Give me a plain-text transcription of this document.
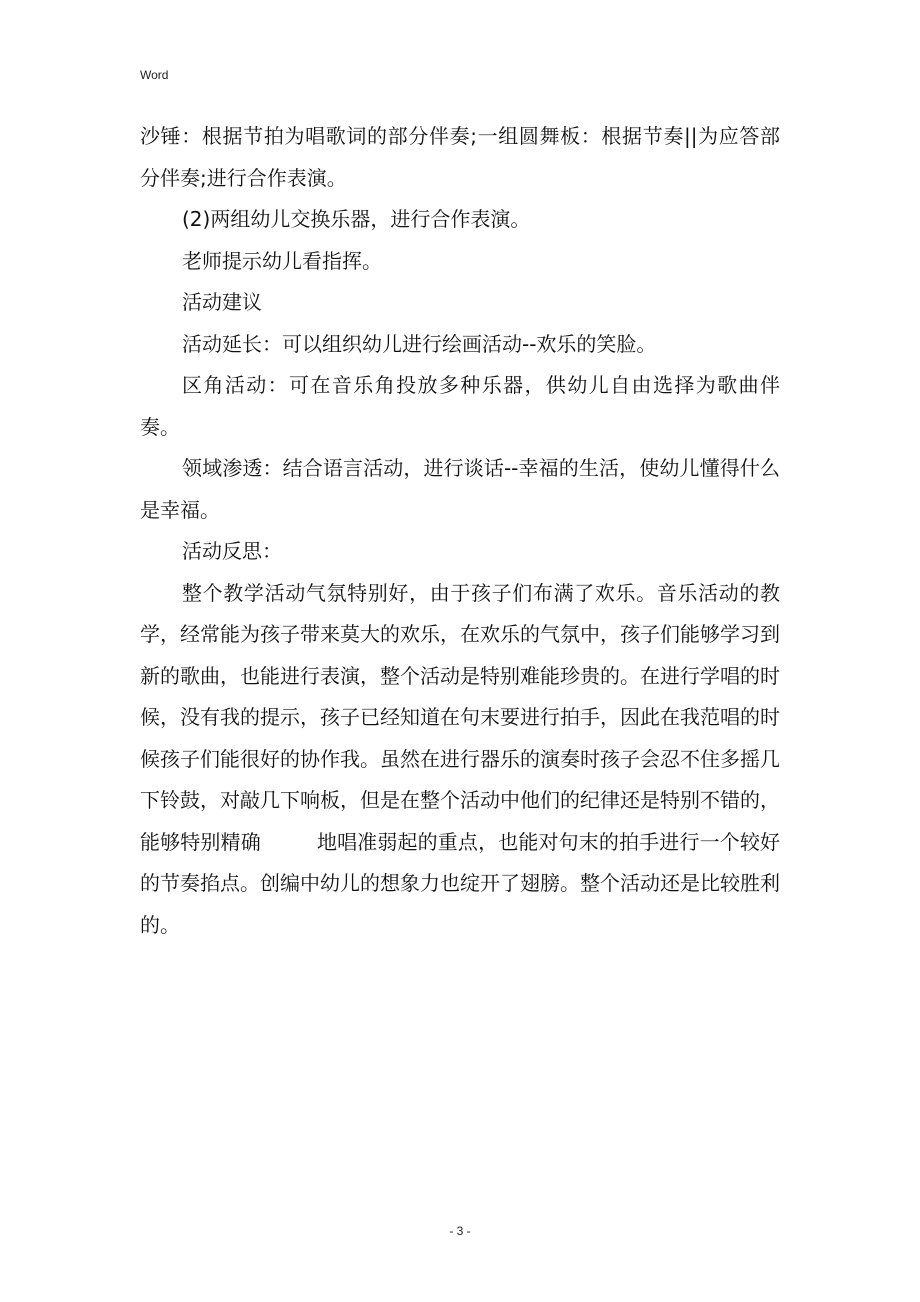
Word

沙锤：根据节拍为唱歌词的部分伴奏;一组圆舞板：根据节奏||为应答部分伴奏;进行合作表演。

(2)两组幼儿交换乐器，进行合作表演。

老师提示幼儿看指挥。

活动建议

活动延长：可以组织幼儿进行绘画活动--欢乐的笑脸。

区角活动：可在音乐角投放多种乐器，供幼儿自由选择为歌曲伴奏。

领域渗透：结合语言活动，进行谈话--幸福的生活，使幼儿懂得什么是幸福。

活动反思：

整个教学活动气氛特别好，由于孩子们布满了欢乐。音乐活动的教学，经常能为孩子带来莫大的欢乐，在欢乐的气氛中，孩子们能够学习到新的歌曲，也能进行表演，整个活动是特别难能珍贵的。在进行学唱的时候，没有我的提示，孩子已经知道在句末要进行拍手，因此在我范唱的时候孩子们能很好的协作我。虽然在进行器乐的演奏时孩子会忍不住多摇几下铃鼓，对敲几下响板，但是在整个活动中他们的纪律还是特别不错的，能够特别精确	地唱准弱起的重点，也能对句末的拍手进行一个较好的节奏掐点。创编中幼儿的想象力也绽开了翅膀。整个活动还是比较胜利的。

- 3 -
